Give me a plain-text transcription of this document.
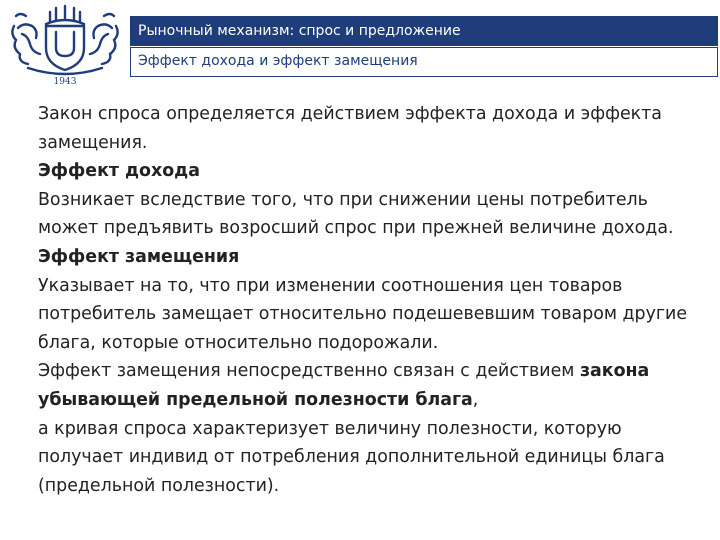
1943
Рыночный механизм: спрос и предложение
Эффект дохода и эффект замещения

Закон спроса определяется действием эффекта дохода и эффекта замещения.

Эффект дохода

Возникает вследствие того, что при снижении цены потребитель может предъявить возросший спрос при прежней величине дохода.

Эффект замещения

Указывает на то, что при изменении соотношения цен товаров потребитель замещает относительно подешевевшим товаром другие блага, которые относительно подорожали.

Эффект замещения непосредственно связан с действием закона убывающей предельной полезности блага,

а кривая спроса характеризует величину полезности, которую получает индивид от потребления дополнительной единицы блага (предельной полезности).
